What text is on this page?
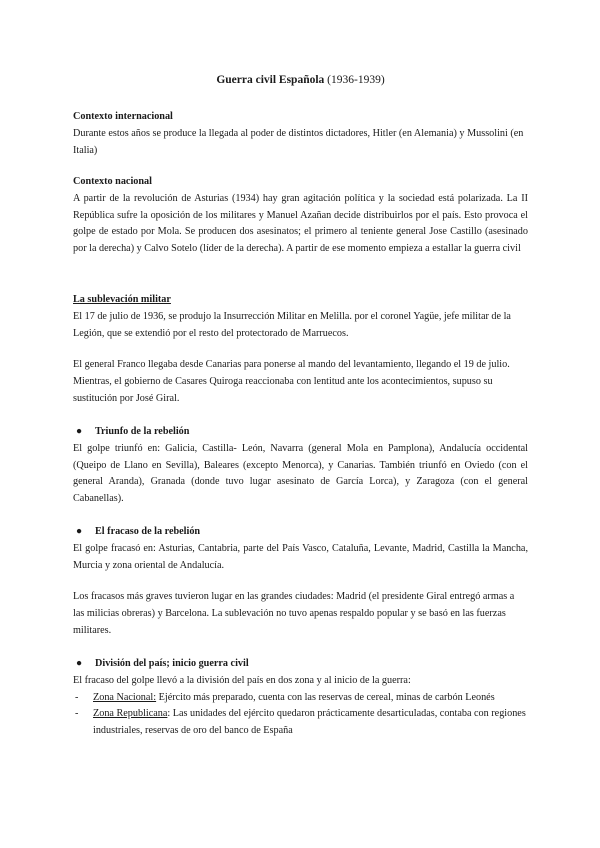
Guerra civil Española (1936-1939)

Contexto internacional

Durante estos años se produce la llegada al poder de distintos dictadores, Hitler (en Alemania) y Mussolini (en Italia)

Contexto nacional

A partir de la revolución de Asturias (1934) hay gran agitación política y la sociedad está polarizada. La II República sufre la oposición de los militares y Manuel Azañan decide distribuirlos por el país. Esto provoca el golpe de estado por Mola. Se producen dos asesinatos; el primero al teniente general Jose Castillo (asesinado por la derecha) y Calvo Sotelo (líder de la derecha). A partir de ese momento empieza a estallar la guerra civil

La sublevación militar

El 17 de julio de 1936, se produjo la Insurrección Militar en Melilla. por el coronel Yagüe, jefe militar de la Legión, que se extendió por el resto del protectorado de Marruecos.

El general Franco llegaba desde Canarias para ponerse al mando del levantamiento, llegando el 19 de julio. Mientras, el gobierno de Casares Quiroga reaccionaba con lentitud ante los acontecimientos, supuso su sustitución por José Giral.

● Triunfo de la rebelión

El golpe triunfó en: Galicia, Castilla- León, Navarra (general Mola en Pamplona), Andalucía occidental (Queipo de Llano en Sevilla), Baleares (excepto Menorca), y Canarias. También triunfó en Oviedo (con el general Aranda), Granada (donde tuvo lugar asesinato de García Lorca), y Zaragoza (con el general Cabanellas).

● El fracaso de la rebelión

El golpe fracasó en: Asturias, Cantabria, parte del País Vasco, Cataluña, Levante, Madrid, Castilla la Mancha, Murcia y zona oriental de Andalucía.

Los fracasos más graves tuvieron lugar en las grandes ciudades: Madrid (el presidente Giral entregó armas a las milicias obreras) y Barcelona. La sublevación no tuvo apenas respaldo popular y se basó en las fuerzas militares.

● División del país; inicio guerra civil

El fracaso del golpe llevó a la división del país en dos zona y al inicio de la guerra:

- Zona Nacional: Ejército más preparado, cuenta con las reservas de cereal, minas de carbón Leonés

- Zona Republicana: Las unidades del ejército quedaron prácticamente desarticuladas, contaba con regiones industriales, reservas de oro del banco de España
